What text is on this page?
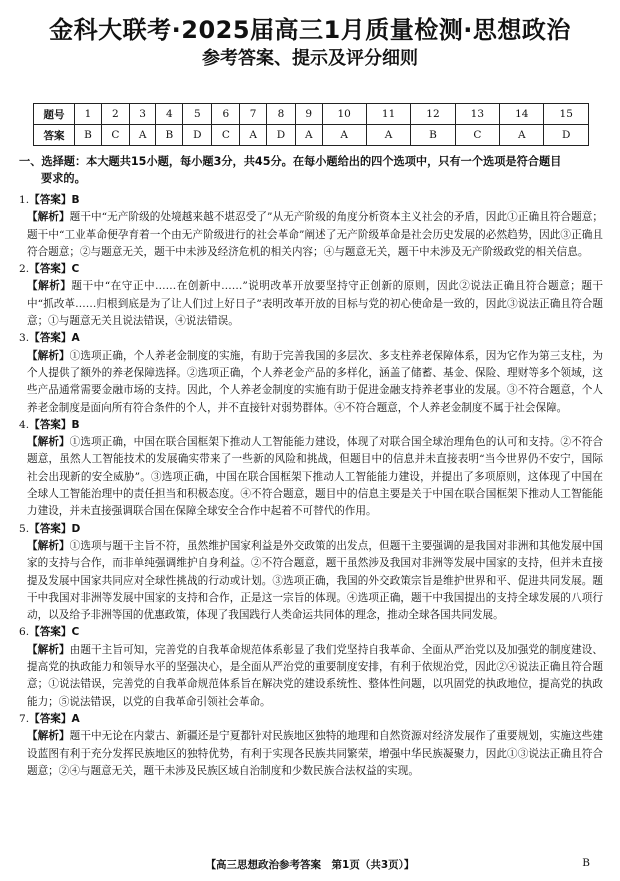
金科大联考·2025届高三1月质量检测·思想政治
参考答案、提示及评分细则
题号	1	2	3	4	5	6	7	8	9	10	11	12	13	14	15
答案	B	C	A	B	D	C	A	D	A	A	A	B	C	A	D
一、选择题：本大题共15小题，每小题3分，共45分。在每小题给出的四个选项中，只有一个选项是符合题目
要求的。

1.【答案】B

【解析】题干中“无产阶级的处境越来越不堪忍受了”从无产阶级的角度分析资本主义社会的矛盾，因此①正确且符合题意；题干中“工业革命便孕育着一个由无产阶级进行的社会革命”阐述了无产阶级革命是社会历史发展的必然趋势，因此③正确且符合题意；②与题意无关，题干中未涉及经济危机的相关内容；④与题意无关，题干中未涉及无产阶级政党的相关信息。

2.【答案】C

【解析】题干中“在守正中……在创新中……”说明改革开放要坚持守正创新的原则，因此②说法正确且符合题意；题干中“抓改革……归根到底是为了让人们过上好日子”表明改革开放的目标与党的初心使命是一致的，因此③说法正确且符合题意；①与题意无关且说法错误，④说法错误。

3.【答案】A

【解析】①选项正确，个人养老金制度的实施，有助于完善我国的多层次、多支柱养老保障体系，因为它作为第三支柱，为个人提供了额外的养老保障选择。②选项正确，个人养老金产品的多样化，涵盖了储蓄、基金、保险、理财等多个领域，这些产品通常需要金融市场的支持。因此，个人养老金制度的实施有助于促进金融支持养老事业的发展。③不符合题意，个人养老金制度是面向所有符合条件的个人，并不直接针对弱势群体。④不符合题意，个人养老金制度不属于社会保障。

4.【答案】B

【解析】①选项正确，中国在联合国框架下推动人工智能能力建设，体现了对联合国全球治理角色的认可和支持。②不符合题意，虽然人工智能技术的发展确实带来了一些新的风险和挑战，但题目中的信息并未直接表明“当今世界仍不安宁，国际社会出现新的安全威胁”。③选项正确，中国在联合国框架下推动人工智能能力建设，并提出了多项原则，这体现了中国在全球人工智能治理中的责任担当和积极态度。④不符合题意，题目中的信息主要是关于中国在联合国框架下推动人工智能能力建设，并未直接强调联合国在保障全球安全合作中起着不可替代的作用。

5.【答案】D

【解析】①选项与题干主旨不符，虽然维护国家利益是外交政策的出发点，但题干主要强调的是我国对非洲和其他发展中国家的支持与合作，而非单纯强调维护自身利益。②不符合题意，题干虽然涉及我国对非洲等发展中国家的支持，但并未直接提及发展中国家共同应对全球性挑战的行动或计划。③选项正确，我国的外交政策宗旨是维护世界和平、促进共同发展。题干中我国对非洲等发展中国家的支持和合作，正是这一宗旨的体现。④选项正确，题干中我国提出的支持全球发展的八项行动，以及给予非洲等国的优惠政策，体现了我国践行人类命运共同体的理念，推动全球各国共同发展。

6.【答案】C

【解析】由题干主旨可知，完善党的自我革命规范体系彰显了我们党坚持自我革命、全面从严治党以及加强党的制度建设、提高党的执政能力和领导水平的坚强决心，是全面从严治党的重要制度安排，有利于依规治党，因此②④说法正确且符合题意；①说法错误，完善党的自我革命规范体系旨在解决党的建设系统性、整体性问题，以巩固党的执政地位，提高党的执政能力；⑤说法错误，以党的自我革命引领社会革命。

7.【答案】A

【解析】题干中无论在内蒙古、新疆还是宁夏都针对民族地区独特的地理和自然资源对经济发展作了重要规划，实施这些建设蓝图有利于充分发挥民族地区的独特优势，有利于实现各民族共同繁荣，增强中华民族凝聚力，因此①③说法正确且符合题意；②④与题意无关，题干未涉及民族区域自治制度和少数民族合法权益的实现。

【高三思想政治参考答案　第1页（共3页）】	B
